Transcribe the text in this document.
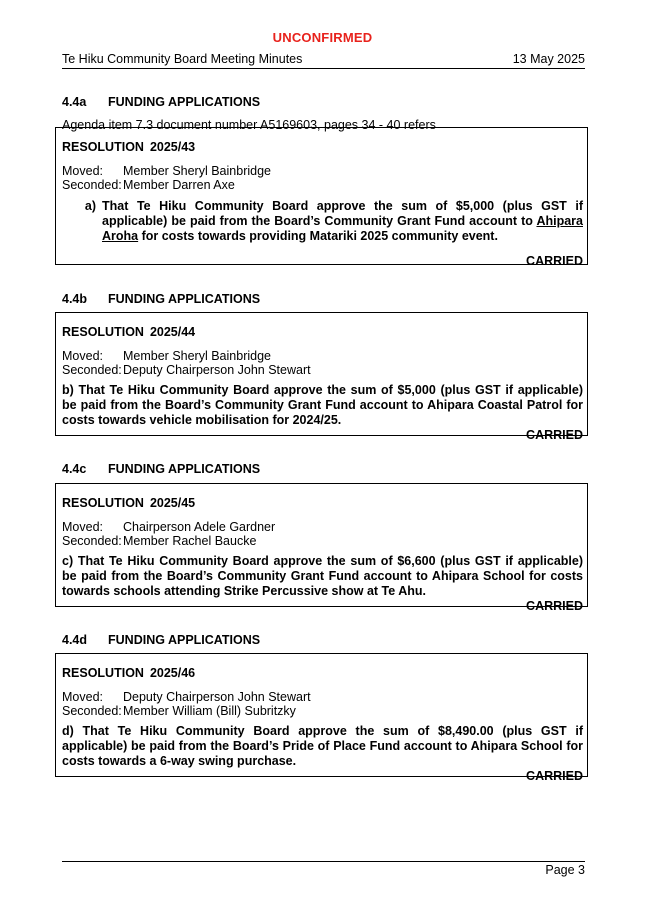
UNCONFIRMED
Te Hiku Community Board Meeting Minutes	13 May 2025
4.4a FUNDING APPLICATIONS
Agenda item 7.3 document number A5169603, pages 34 - 40 refers
RESOLUTION 2025/43
Moved: Member Sheryl Bainbridge
Seconded:Member Darren Axe
a) That Te Hiku Community Board approve the sum of $5,000 (plus GST if applicable) be paid from the Board’s Community Grant Fund account to Ahipara Aroha for costs towards providing Matariki 2025 community event.
CARRIED
4.4b FUNDING APPLICATIONS
RESOLUTION 2025/44
Moved: Member Sheryl Bainbridge
Seconded:Deputy Chairperson John Stewart
b) That Te Hiku Community Board approve the sum of $5,000 (plus GST if applicable) be paid from the Board’s Community Grant Fund account to Ahipara Coastal Patrol for costs towards vehicle mobilisation for 2024/25.
CARRIED
4.4c FUNDING APPLICATIONS
RESOLUTION 2025/45
Moved: Chairperson Adele Gardner
Seconded:Member Rachel Baucke
c) That Te Hiku Community Board approve the sum of $6,600 (plus GST if applicable) be paid from the Board’s Community Grant Fund account to Ahipara School for costs towards schools attending Strike Percussive show at Te Ahu.
CARRIED
4.4d FUNDING APPLICATIONS
RESOLUTION 2025/46
Moved: Deputy Chairperson John Stewart
Seconded:Member William (Bill) Subritzky
d) That Te Hiku Community Board approve the sum of $8,490.00 (plus GST if applicable) be paid from the Board’s Pride of Place Fund account to Ahipara School for costs towards a 6-way swing purchase.
CARRIED
Page 3
